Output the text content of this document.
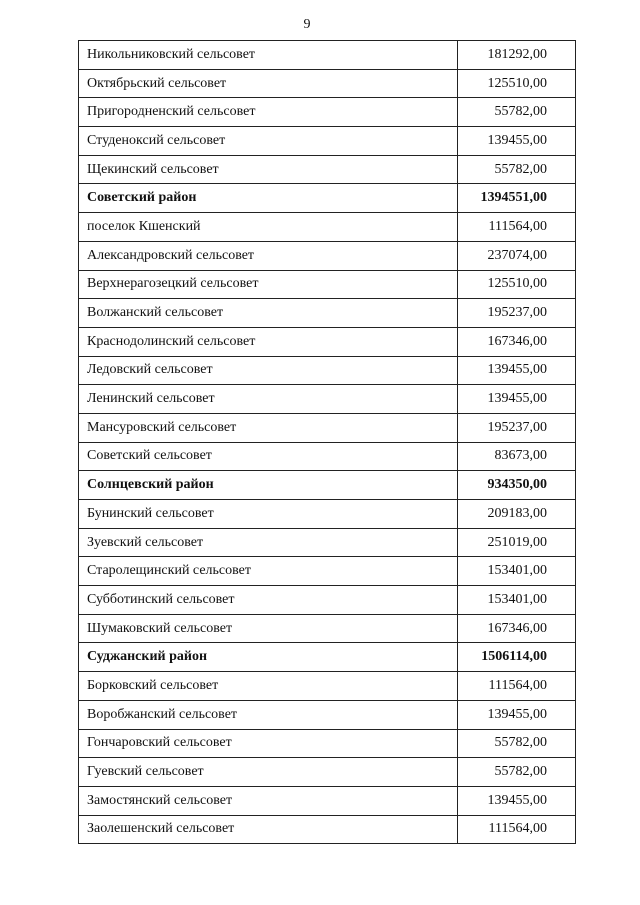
9
Никольниковский сельсовет	181292,00
Октябрьский сельсовет	125510,00
Пригородненский сельсовет	55782,00
Студеноксий сельсовет	139455,00
Щекинский сельсовет	55782,00
Советский район	1394551,00
поселок Кшенский	111564,00
Александровский сельсовет	237074,00
Верхнерагозецкий сельсовет	125510,00
Волжанский сельсовет	195237,00
Краснодолинский сельсовет	167346,00
Ледовский сельсовет	139455,00
Ленинский сельсовет	139455,00
Мансуровский сельсовет	195237,00
Советский сельсовет	83673,00
Солнцевский район	934350,00
Бунинский сельсовет	209183,00
Зуевский сельсовет	251019,00
Старолещинский сельсовет	153401,00
Субботинский сельсовет	153401,00
Шумаковский сельсовет	167346,00
Суджанский район	1506114,00
Борковский сельсовет	111564,00
Воробжанский сельсовет	139455,00
Гончаровский сельсовет	55782,00
Гуевский сельсовет	55782,00
Замостянский сельсовет	139455,00
Заолешенский сельсовет	111564,00
